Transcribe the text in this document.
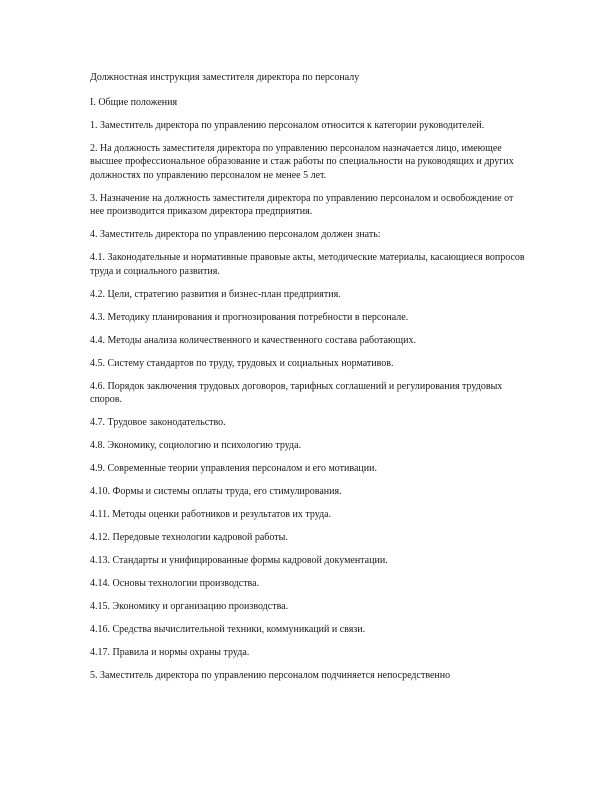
Должностная инструкция заместителя директора по персоналу
I. Общие положения
1. Заместитель директора по управлению персоналом относится к категории руководителей.
2. На должность заместителя директора по управлению персоналом назначается лицо, имеющее высшее профессиональное образование и стаж работы по специальности на руководящих и других должностях по управлению персоналом не менее 5 лет.
3. Назначение на должность заместителя директора по управлению персоналом и освобождение от нее производится приказом директора предприятия.
4. Заместитель директора по управлению персоналом должен знать:
4.1. Законодательные и нормативные правовые акты, методические материалы, касающиеся вопросов труда и социального развития.
4.2. Цели, стратегию развития и бизнес-план предприятия.
4.3. Методику планирования и прогнозирования потребности в персонале.
4.4. Методы анализа количественного и качественного состава работающих.
4.5. Систему стандартов по труду, трудовых и социальных нормативов.
4.6. Порядок заключения трудовых договоров, тарифных соглашений и регулирования трудовых споров.
4.7. Трудовое законодательство.
4.8. Экономику, социологию и психологию труда.
4.9. Современные теории управления персоналом и его мотивации.
4.10. Формы и системы оплаты труда, его стимулирования.
4.11. Методы оценки работников и результатов их труда.
4.12. Передовые технологии кадровой работы.
4.13. Стандарты и унифицированные формы кадровой документации.
4.14. Основы технологии производства.
4.15. Экономику и организацию производства.
4.16. Средства вычислительной техники, коммуникаций и связи.
4.17. Правила и нормы охраны труда.
5. Заместитель директора по управлению персоналом подчиняется непосредственно
